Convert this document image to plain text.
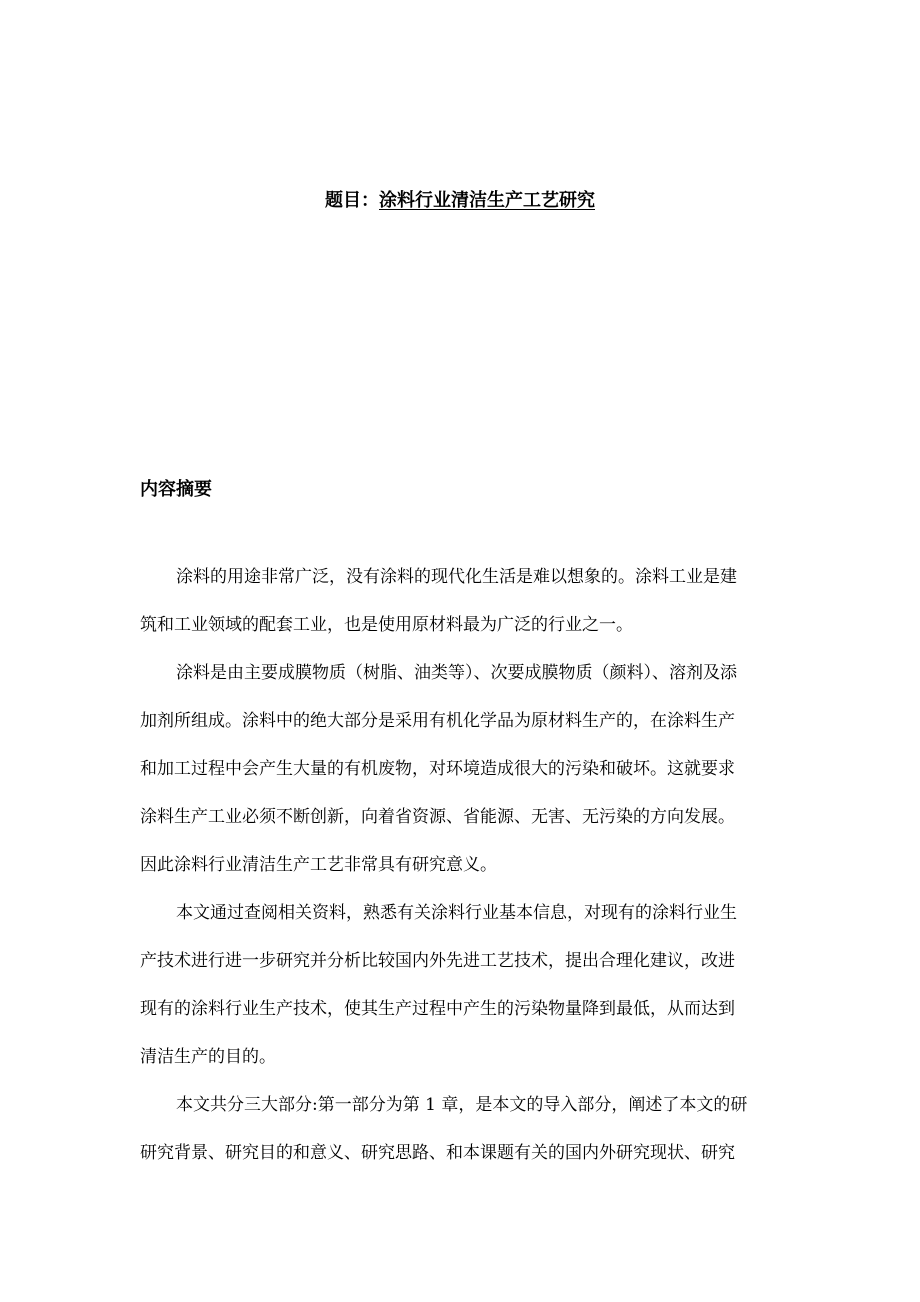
题目：涂料行业清洁生产工艺研究
内容摘要

涂料的用途非常广泛，没有涂料的现代化生活是难以想象的。涂料工业是建
筑和工业领域的配套工业，也是使用原材料最为广泛的行业之一。

涂料是由主要成膜物质（树脂、油类等）、次要成膜物质（颜料）、溶剂及添
加剂所组成。涂料中的绝大部分是采用有机化学品为原材料生产的，在涂料生产
和加工过程中会产生大量的有机废物，对环境造成很大的污染和破坏。这就要求
涂料生产工业必须不断创新，向着省资源、省能源、无害、无污染的方向发展。
因此涂料行业清洁生产工艺非常具有研究意义。

本文通过查阅相关资料，熟悉有关涂料行业基本信息，对现有的涂料行业生
产技术进行进一步研究并分析比较国内外先进工艺技术，提出合理化建议，改进
现有的涂料行业生产技术，使其生产过程中产生的污染物量降到最低，从而达到
清洁生产的目的。

本文共分三大部分:第一部分为第 1 章，是本文的导入部分，阐述了本文的研
研究背景、研究目的和意义、研究思路、和本课题有关的国内外研究现状、研究
